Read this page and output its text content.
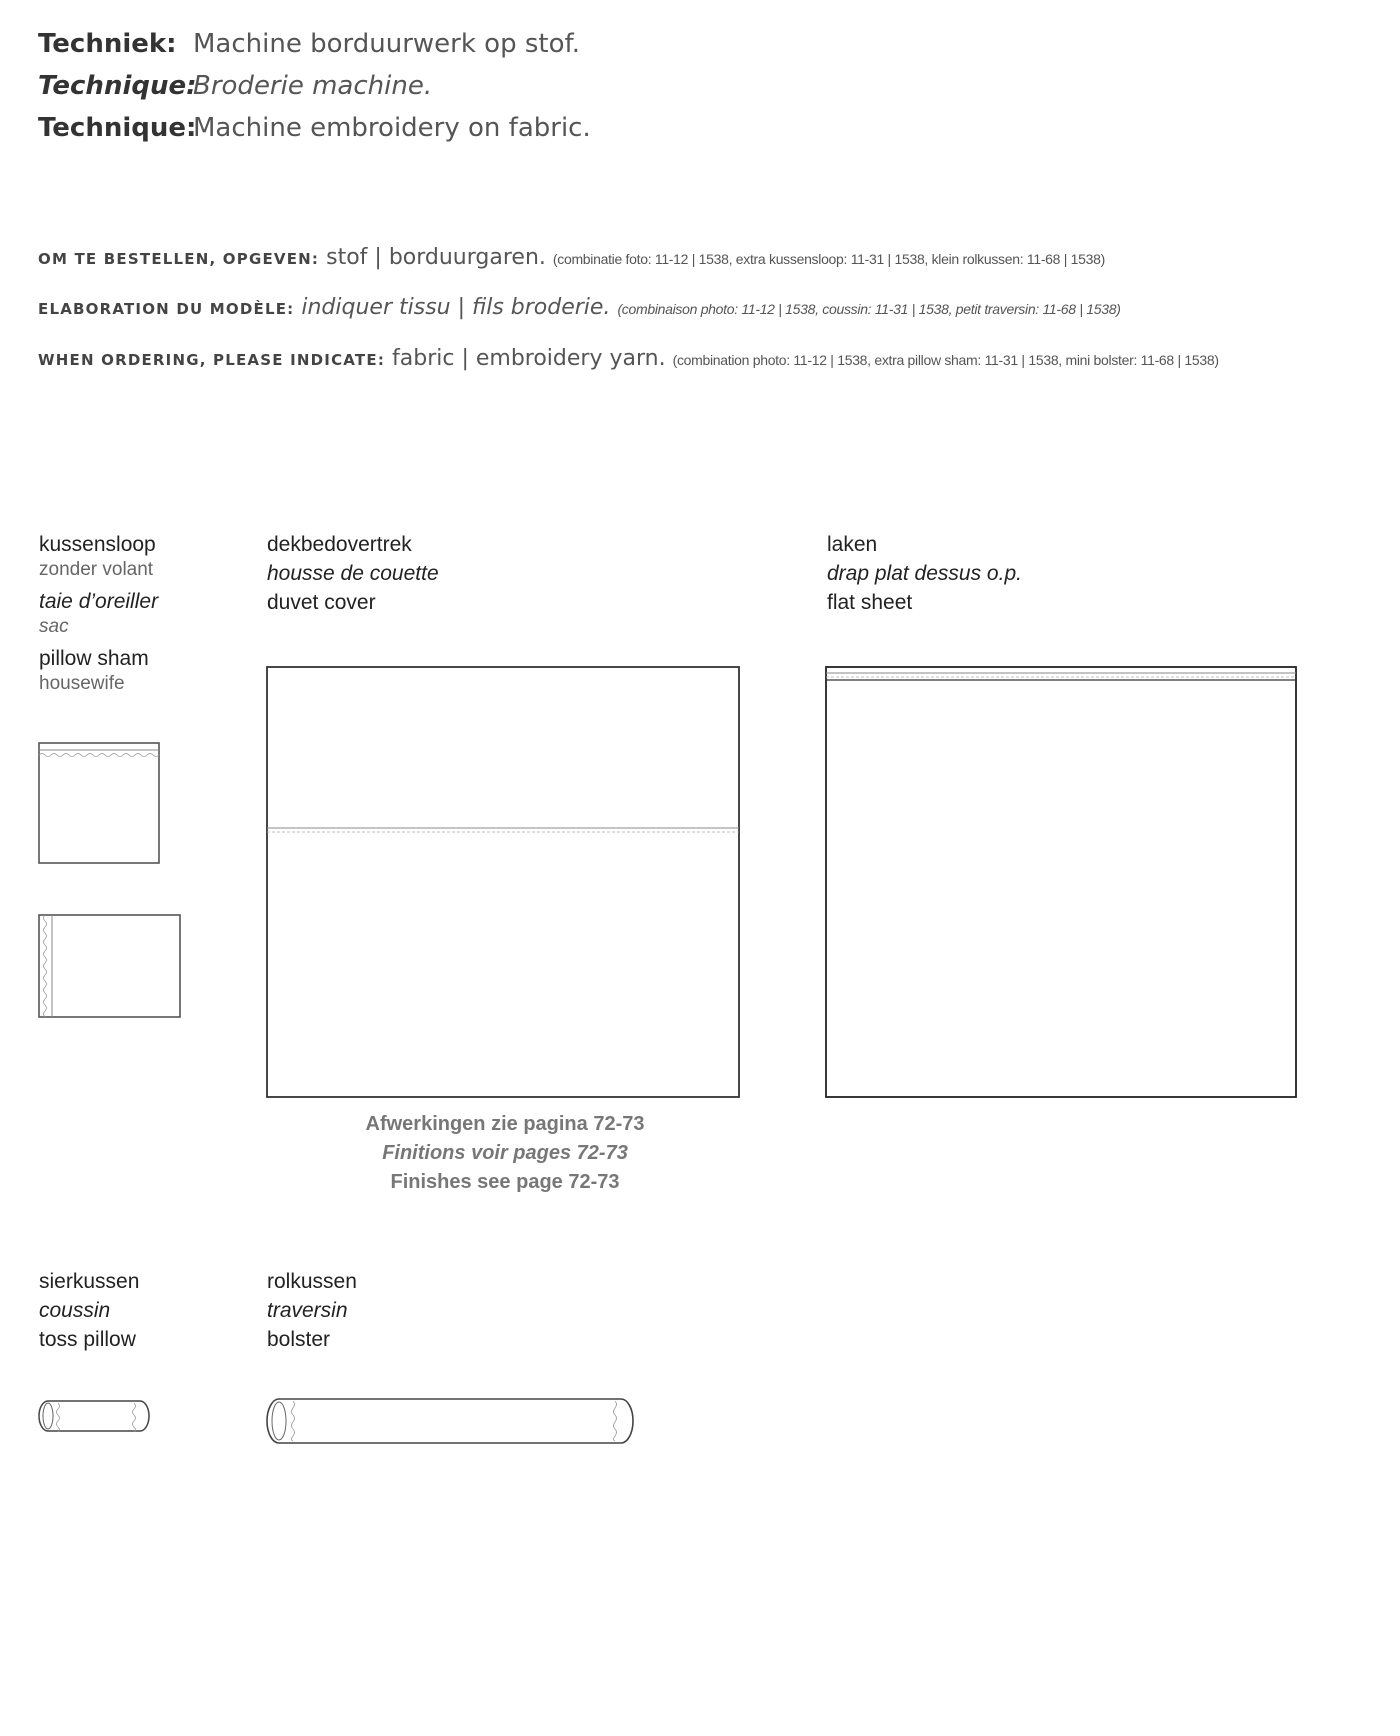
Techniek: Machine borduurwerk op stof.
Technique:Broderie machine.
Technique:Machine embroidery on fabric.
OM TE BESTELLEN, OPGEVEN: stof | borduurgaren. (combinatie foto: 11-12 | 1538, extra kussensloop: 11-31 | 1538, klein rolkussen: 11-68 | 1538)
ELABORATION DU MODÈLE: indiquer tissu | fils broderie. (combinaison photo: 11-12 | 1538, coussin: 11-31 | 1538, petit traversin: 11-68 | 1538)
WHEN ORDERING, PLEASE INDICATE: fabric | embroidery yarn. (combination photo: 11-12 | 1538, extra pillow sham: 11-31 | 1538, mini bolster: 11-68 | 1538)
kussensloop
zonder volant
taie d’oreiller
sac
pillow sham
housewife
dekbedovertrek
housse de couette
duvet cover
laken
drap plat dessus o.p.
flat sheet
Afwerkingen zie pagina 72-73
Finitions voir pages 72-73
Finishes see page 72-73
sierkussen
coussin
toss pillow
rolkussen
traversin
bolster
